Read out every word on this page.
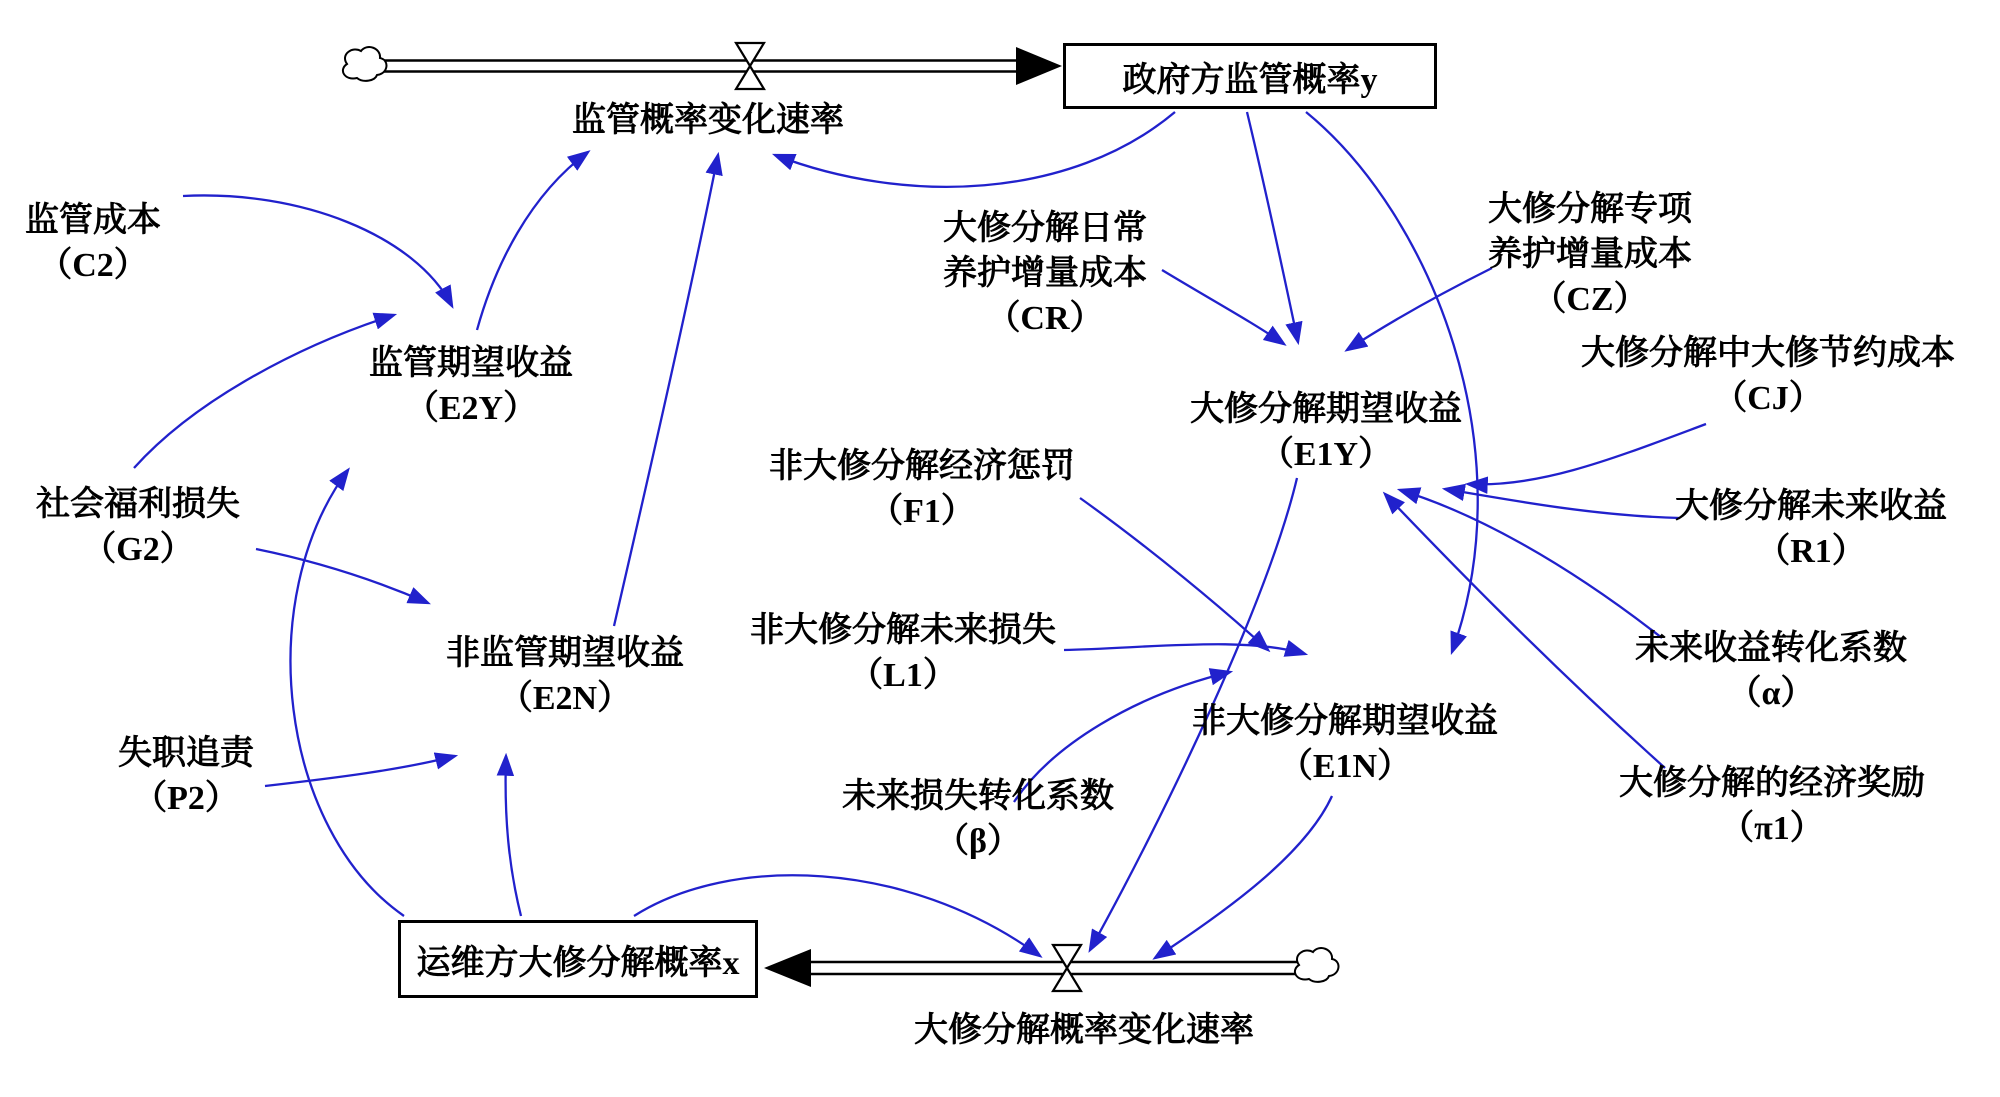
政府方监管概率y
运维方大修分解概率x
监管概率变化速率
大修分解概率变化速率
监管成本
（C2）
社会福利损失
（G2）
失职追责
（P2）
监管期望收益
（E2Y）
非监管期望收益
（E2N）
非大修分解经济惩罚
（F1）
非大修分解未来损失
（L1）
未来损失转化系数
（β）
大修分解日常
养护增量成本
（CR）
大修分解期望收益
（E1Y）
非大修分解期望收益
（E1N）
大修分解专项
养护增量成本
（CZ）
大修分解中大修节约成本
（CJ）
大修分解未来收益
（R1）
未来收益转化系数
（α）
大修分解的经济奖励
（π1）
